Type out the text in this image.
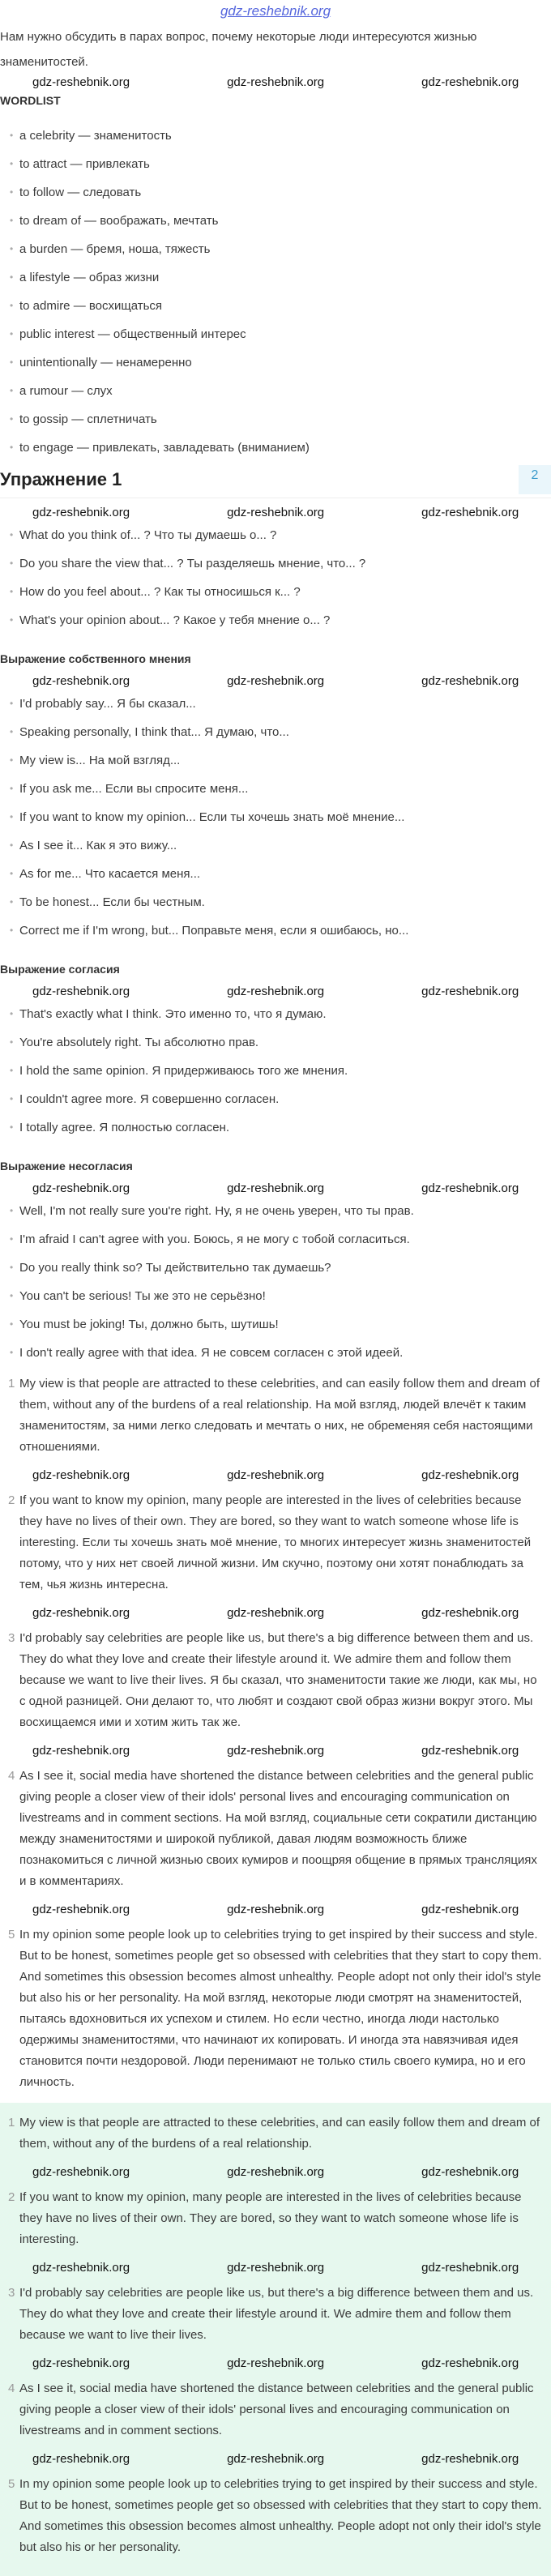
gdz-reshebnik.org

Нам нужно обсудить в парах вопрос, почему некоторые люди интересуются жизнью знаменитостей.

gdz-reshebnik.org	gdz-reshebnik.org	gdz-reshebnik.org
WORDLIST
• a celebrity — знаменитость
• to attract — привлекать
• to follow — следовать
• to dream of — воображать, мечтать
• a burden — бремя, ноша, тяжесть
• a lifestyle — образ жизни
• to admire — восхищаться
• public interest — общественный интерес
• unintentionally — ненамеренно
• a rumour — слух
• to gossip — сплетничать
• to engage — привлекать, завладевать (вниманием)
Упражнение 1	2
gdz-reshebnik.org	gdz-reshebnik.org	gdz-reshebnik.org
• What do you think of... ? Что ты думаешь о... ?
• Do you share the view that... ? Ты разделяешь мнение, что... ?
• How do you feel about... ? Как ты относишься к... ?
• What's your opinion about... ? Какое у тебя мнение о... ?
Выражение собственного мнения
gdz-reshebnik.org	gdz-reshebnik.org	gdz-reshebnik.org
• I'd probably say... Я бы сказал...
• Speaking personally, I think that... Я думаю, что...
• My view is... На мой взгляд...
• If you ask me... Если вы спросите меня...
• If you want to know my opinion... Если ты хочешь знать моё мнение...
• As I see it... Как я это вижу...
• As for me... Что касается меня...
• To be honest... Если бы честным.
• Correct me if I'm wrong, but... Поправьте меня, если я ошибаюсь, но...
Выражение согласия
gdz-reshebnik.org	gdz-reshebnik.org	gdz-reshebnik.org
• That's exactly what I think. Это именно то, что я думаю.
• You're absolutely right. Ты абсолютно прав.
• I hold the same opinion. Я придерживаюсь того же мнения.
• I couldn't agree more. Я совершенно согласен.
• I totally agree. Я полностью согласен.
Выражение несогласия
gdz-reshebnik.org	gdz-reshebnik.org	gdz-reshebnik.org
• Well, I'm not really sure you're right. Ну, я не очень уверен, что ты прав.
• I'm afraid I can't agree with you. Боюсь, я не могу с тобой согласиться.
• Do you really think so? Ты действительно так думаешь?
• You can't be serious! Ты же это не серьёзно!
• You must be joking! Ты, должно быть, шутишь!
• I don't really agree with that idea. Я не совсем согласен с этой идеей.
1 My view is that people are attracted to these celebrities, and can easily follow them and dream of them, without any of the burdens of a real relationship. На мой взгляд, людей влечёт к таким знаменитостям, за ними легко следовать и мечтать о них, не обременяя себя настоящими отношениями.
gdz-reshebnik.org	gdz-reshebnik.org	gdz-reshebnik.org
2 If you want to know my opinion, many people are interested in the lives of celebrities because they have no lives of their own. They are bored, so they want to watch someone whose life is interesting. Если ты хочешь знать моё мнение, то многих интересует жизнь знаменитостей потому, что у них нет своей личной жизни. Им скучно, поэтому они хотят понаблюдать за тем, чья жизнь интересна.
gdz-reshebnik.org	gdz-reshebnik.org	gdz-reshebnik.org
3 I'd probably say celebrities are people like us, but there's a big difference between them and us. They do what they love and create their lifestyle around it. We admire them and follow them because we want to live their lives. Я бы сказал, что знаменитости такие же люди, как мы, но с одной разницей. Они делают то, что любят и создают свой образ жизни вокруг этого. Мы восхищаемся ими и хотим жить так же.
gdz-reshebnik.org	gdz-reshebnik.org	gdz-reshebnik.org
4 As I see it, social media have shortened the distance between celebrities and the general public giving people a closer view of their idols' personal lives and encouraging communication on livestreams and in comment sections. На мой взгляд, социальные сети сократили дистанцию между знаменитостями и широкой публикой, давая людям возможность ближе познакомиться с личной жизнью своих кумиров и поощряя общение в прямых трансляциях и в комментариях.
gdz-reshebnik.org	gdz-reshebnik.org	gdz-reshebnik.org
5 In my opinion some people look up to celebrities trying to get inspired by their success and style. But to be honest, sometimes people get so obsessed with celebrities that they start to copy them. And sometimes this obsession becomes almost unhealthy. People adopt not only their idol's style but also his or her personality. На мой взгляд, некоторые люди смотрят на знаменитостей, пытаясь вдохновиться их успехом и стилем. Но если честно, иногда люди настолько одержимы знаменитостями, что начинают их копировать. И иногда эта навязчивая идея становится почти нездоровой. Люди перенимают не только стиль своего кумира, но и его личность.
1 My view is that people are attracted to these celebrities, and can easily follow them and dream of them, without any of the burdens of a real relationship.
gdz-reshebnik.org	gdz-reshebnik.org	gdz-reshebnik.org
2 If you want to know my opinion, many people are interested in the lives of celebrities because they have no lives of their own. They are bored, so they want to watch someone whose life is interesting.
gdz-reshebnik.org	gdz-reshebnik.org	gdz-reshebnik.org
3 I'd probably say celebrities are people like us, but there's a big difference between them and us. They do what they love and create their lifestyle around it. We admire them and follow them because we want to live their lives.
gdz-reshebnik.org	gdz-reshebnik.org	gdz-reshebnik.org
4 As I see it, social media have shortened the distance between celebrities and the general public giving people a closer view of their idols' personal lives and encouraging communication on livestreams and in comment sections.
gdz-reshebnik.org	gdz-reshebnik.org	gdz-reshebnik.org
5 In my opinion some people look up to celebrities trying to get inspired by their success and style. But to be honest, sometimes people get so obsessed with celebrities that they start to copy them. And sometimes this obsession becomes almost unhealthy. People adopt not only their idol's style but also his or her personality.
